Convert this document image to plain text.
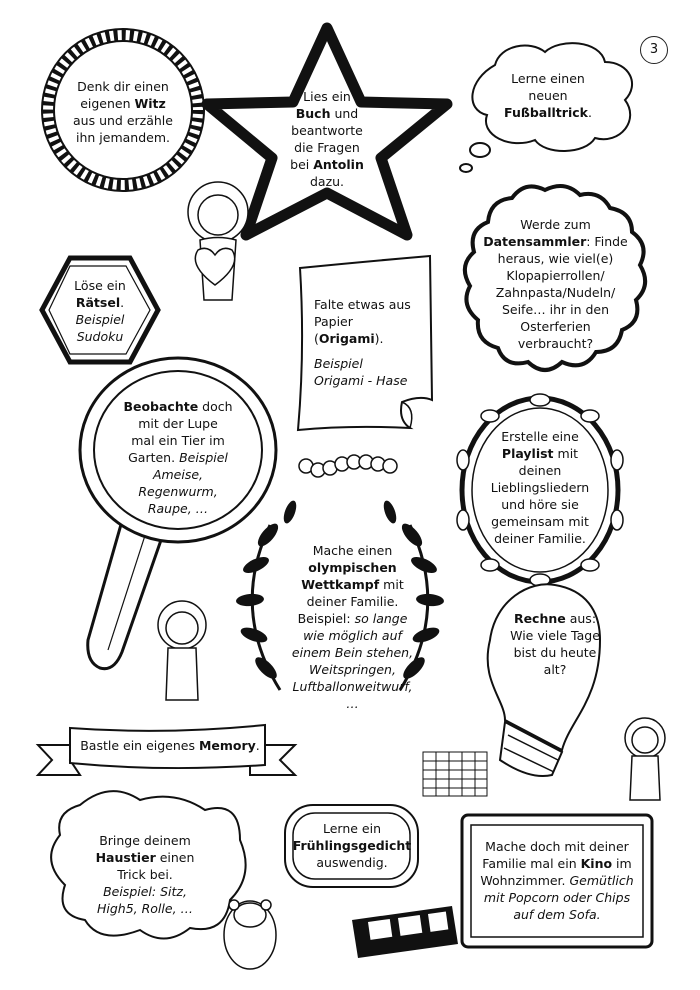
3
Denk dir einen
eigenen Witz
aus und erzähle
ihn jemandem.
Lies ein
Buch und
beantworte
die Fragen
bei Antolin
dazu.
Lerne einen
neuen
Fußballtrick.
Werde zum
Datensammler: Finde
heraus, wie viel(e)
Klopapierrollen/
Zahnpasta/Nudeln/
Seife… ihr in den
Osterferien
verbraucht?
Löse ein
Rätsel.
Beispiel
Sudoku
Falte etwas aus
Papier
(Origami).
Beispiel
Origami - Hase
Beobachte doch
mit der Lupe
mal ein Tier im
Garten. Beispiel
Ameise,
Regenwurm,
Raupe, …
Erstelle eine
Playlist mit
deinen
Lieblingsliedern
und höre sie
gemeinsam mit
deiner Familie.
Mache einen
olympischen
Wettkampf mit
deiner Familie.
Beispiel: so lange
wie möglich auf
einem Bein stehen,
Weitspringen,
Luftballonweitwurf,
…
Rechne aus:
Wie viele Tage
bist du heute
alt?
Bastle ein eigenes Memory.
Bringe deinem
Haustier einen
Trick bei.
Beispiel: Sitz,
High5, Rolle, …
Lerne ein
Frühlingsgedicht
auswendig.
Mache doch mit deiner
Familie mal ein Kino im
Wohnzimmer. Gemütlich
mit Popcorn oder Chips
auf dem Sofa.
